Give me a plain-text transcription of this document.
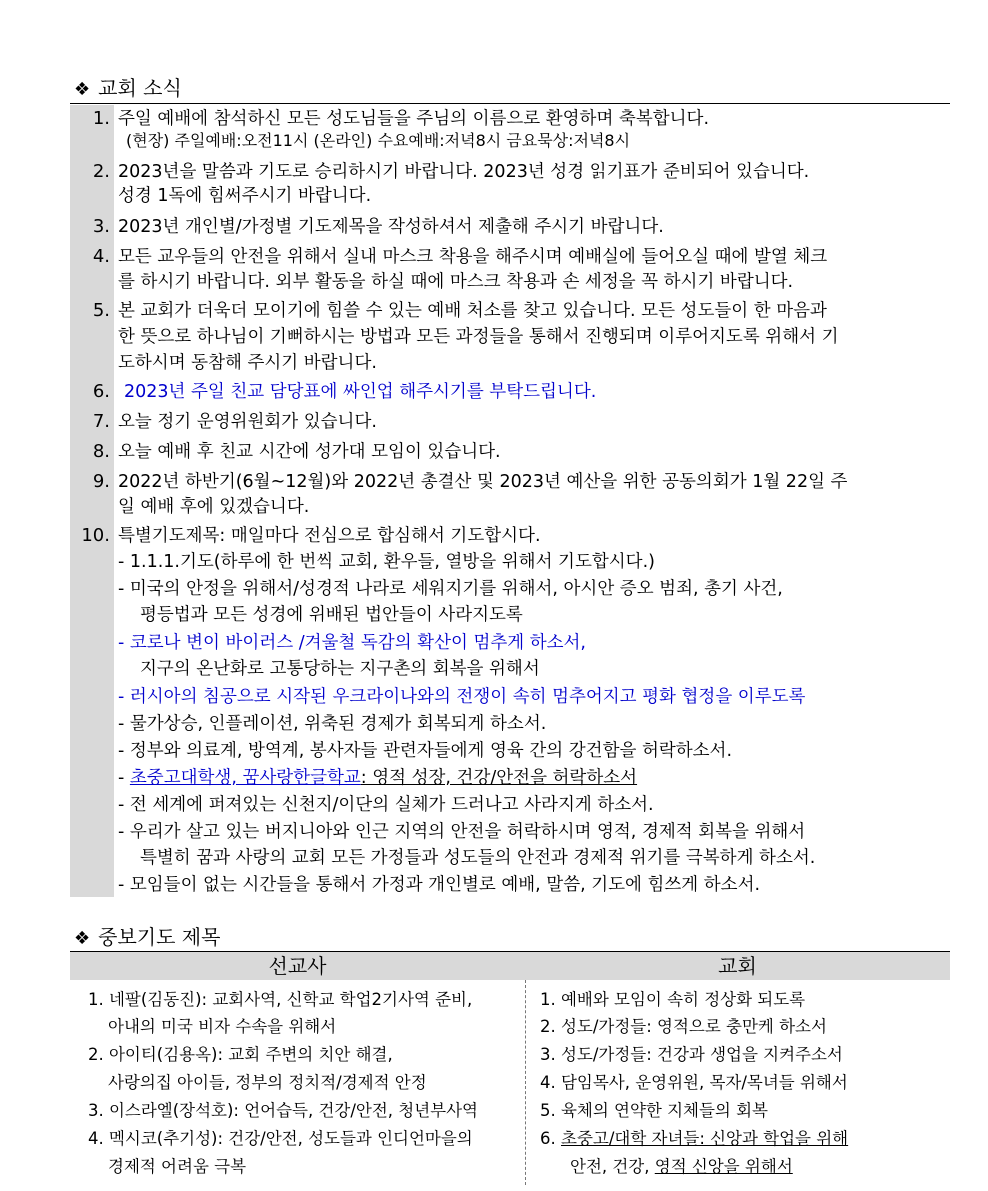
❖ 교회 소식
1. 주일 예배에 참석하신 모든 성도님들을 주님의 이름으로 환영하며 축복합니다.
(현장) 주일예배:오전11시 (온라인) 수요예배:저녁8시 금요묵상:저녁8시
2. 2023년을 말씀과 기도로 승리하시기 바랍니다. 2023년 성경 읽기표가 준비되어 있습니다.
성경 1독에 힘써주시기 바랍니다.
3. 2023년 개인별/가정별 기도제목을 작성하셔서 제출해 주시기 바랍니다.
4. 모든 교우들의 안전을 위해서 실내 마스크 착용을 해주시며 예배실에 들어오실 때에 발열 체크
를 하시기 바랍니다. 외부 활동을 하실 때에 마스크 착용과 손 세정을 꼭 하시기 바랍니다.
5. 본 교회가 더욱더 모이기에 힘쓸 수 있는 예배 처소를 찾고 있습니다. 모든 성도들이 한 마음과
한 뜻으로 하나님이 기뻐하시는 방법과 모든 과정들을 통해서 진행되며 이루어지도록 위해서 기
도하시며 동참해 주시기 바랍니다.
6. 2023년 주일 친교 담당표에 싸인업 해주시기를 부탁드립니다.
7. 오늘 정기 운영위원회가 있습니다.
8. 오늘 예배 후 친교 시간에 성가대 모임이 있습니다.
9. 2022년 하반기(6월~12월)와 2022년 총결산 및 2023년 예산을 위한 공동의회가 1월 22일 주
일 예배 후에 있겠습니다.
10. 특별기도제목: 매일마다 전심으로 합심해서 기도합시다.
- 1.1.1.기도(하루에 한 번씩 교회, 환우들, 열방을 위해서 기도합시다.)
- 미국의 안정을 위해서/성경적 나라로 세워지기를 위해서, 아시안 증오 범죄, 총기 사건,
평등법과 모든 성경에 위배된 법안들이 사라지도록
- 코로나 변이 바이러스 /겨울철 독감의 확산이 멈추게 하소서,
지구의 온난화로 고통당하는 지구촌의 회복을 위해서
- 러시아의 침공으로 시작된 우크라이나와의 전쟁이 속히 멈추어지고 평화 협정을 이루도록
- 물가상승, 인플레이션, 위축된 경제가 회복되게 하소서.
- 정부와 의료계, 방역계, 봉사자들 관련자들에게 영육 간의 강건함을 허락하소서.
- 초중고대학생, 꿈사랑한글학교: 영적 성장, 건강/안전을 허락하소서
- 전 세계에 퍼져있는 신천지/이단의 실체가 드러나고 사라지게 하소서.
- 우리가 살고 있는 버지니아와 인근 지역의 안전을 허락하시며 영적, 경제적 회복을 위해서
특별히 꿈과 사랑의 교회 모든 가정들과 성도들의 안전과 경제적 위기를 극복하게 하소서.
- 모임들이 없는 시간들을 통해서 가정과 개인별로 예배, 말씀, 기도에 힘쓰게 하소서.
❖ 중보기도 제목
선교사	교회
1. 네팔(김동진): 교회사역, 신학교 학업2기사역 준비,
아내의 미국 비자 수속을 위해서
2. 아이티(김용옥): 교회 주변의 치안 해결,
사랑의집 아이들, 정부의 정치적/경제적 안정
3. 이스라엘(장석호): 언어습득, 건강/안전, 청년부사역
4. 멕시코(추기성): 건강/안전, 성도들과 인디언마을의
경제적 어려움 극복
1. 예배와 모임이 속히 정상화 되도록
2. 성도/가정들: 영적으로 충만케 하소서
3. 성도/가정들: 건강과 생업을 지켜주소서
4. 담임목사, 운영위원, 목자/목녀들 위해서
5. 육체의 연약한 지체들의 회복
6. 초중고/대학 자녀들: 신앙과 학업을 위해
안전, 건강, 영적 신앙을 위해서
